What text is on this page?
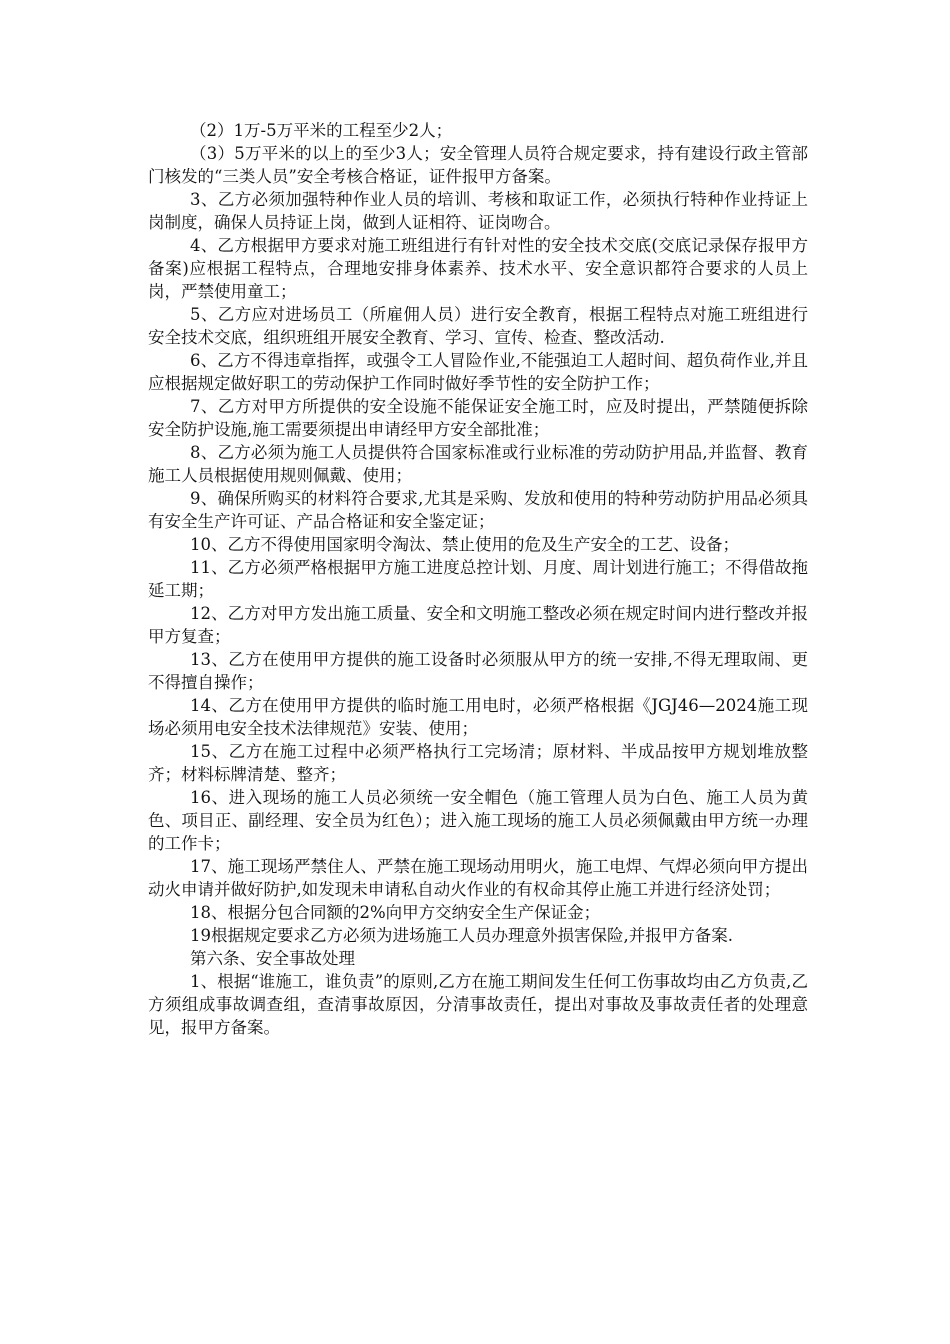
（2）1万-5万平米的工程至少2人；

（3）5万平米的以上的至少3人；安全管理人员符合规定要求，持有建设行政主管部门核发的“三类人员”安全考核合格证，证件报甲方备案。

3、乙方必须加强特种作业人员的培训、考核和取证工作，必须执行特种作业持证上岗制度，确保人员持证上岗，做到人证相符、证岗吻合。

4、乙方根据甲方要求对施工班组进行有针对性的安全技术交底(交底记录保存报甲方备案)应根据工程特点，合理地安排身体素养、技术水平、安全意识都符合要求的人员上岗，严禁使用童工；

5、乙方应对进场员工（所雇佣人员）进行安全教育，根据工程特点对施工班组进行安全技术交底，组织班组开展安全教育、学习、宣传、检查、整改活动.

6、乙方不得违章指挥，或强令工人冒险作业,不能强迫工人超时间、超负荷作业,并且应根据规定做好职工的劳动保护工作同时做好季节性的安全防护工作；

7、乙方对甲方所提供的安全设施不能保证安全施工时，应及时提出，严禁随便拆除安全防护设施,施工需要须提出申请经甲方安全部批准；

8、乙方必须为施工人员提供符合国家标准或行业标准的劳动防护用品,并监督、教育施工人员根据使用规则佩戴、使用；

9、确保所购买的材料符合要求,尤其是采购、发放和使用的特种劳动防护用品必须具有安全生产许可证、产品合格证和安全鉴定证；

10、乙方不得使用国家明令淘汰、禁止使用的危及生产安全的工艺、设备；

11、乙方必须严格根据甲方施工进度总控计划、月度、周计划进行施工；不得借故拖延工期；

12、乙方对甲方发出施工质量、安全和文明施工整改必须在规定时间内进行整改并报甲方复查；

13、乙方在使用甲方提供的施工设备时必须服从甲方的统一安排,不得无理取闹、更不得擅自操作；

14、乙方在使用甲方提供的临时施工用电时，必须严格根据《JGJ46—2024施工现场必须用电安全技术法律规范》安装、使用；

15、乙方在施工过程中必须严格执行工完场清；原材料、半成品按甲方规划堆放整齐；材料标牌清楚、整齐；

16、进入现场的施工人员必须统一安全帽色（施工管理人员为白色、施工人员为黄色、项目正、副经理、安全员为红色）；进入施工现场的施工人员必须佩戴由甲方统一办理的工作卡；

17、施工现场严禁住人、严禁在施工现场动用明火，施工电焊、气焊必须向甲方提出动火申请并做好防护,如发现未申请私自动火作业的有权命其停止施工并进行经济处罚；

18、根据分包合同额的2%向甲方交纳安全生产保证金；

19根据规定要求乙方必须为进场施工人员办理意外损害保险,并报甲方备案.

第六条、安全事故处理

1、根据“谁施工，谁负责”的原则,乙方在施工期间发生任何工伤事故均由乙方负责,乙方须组成事故调查组，查清事故原因，分清事故责任，提出对事故及事故责任者的处理意见，报甲方备案。
